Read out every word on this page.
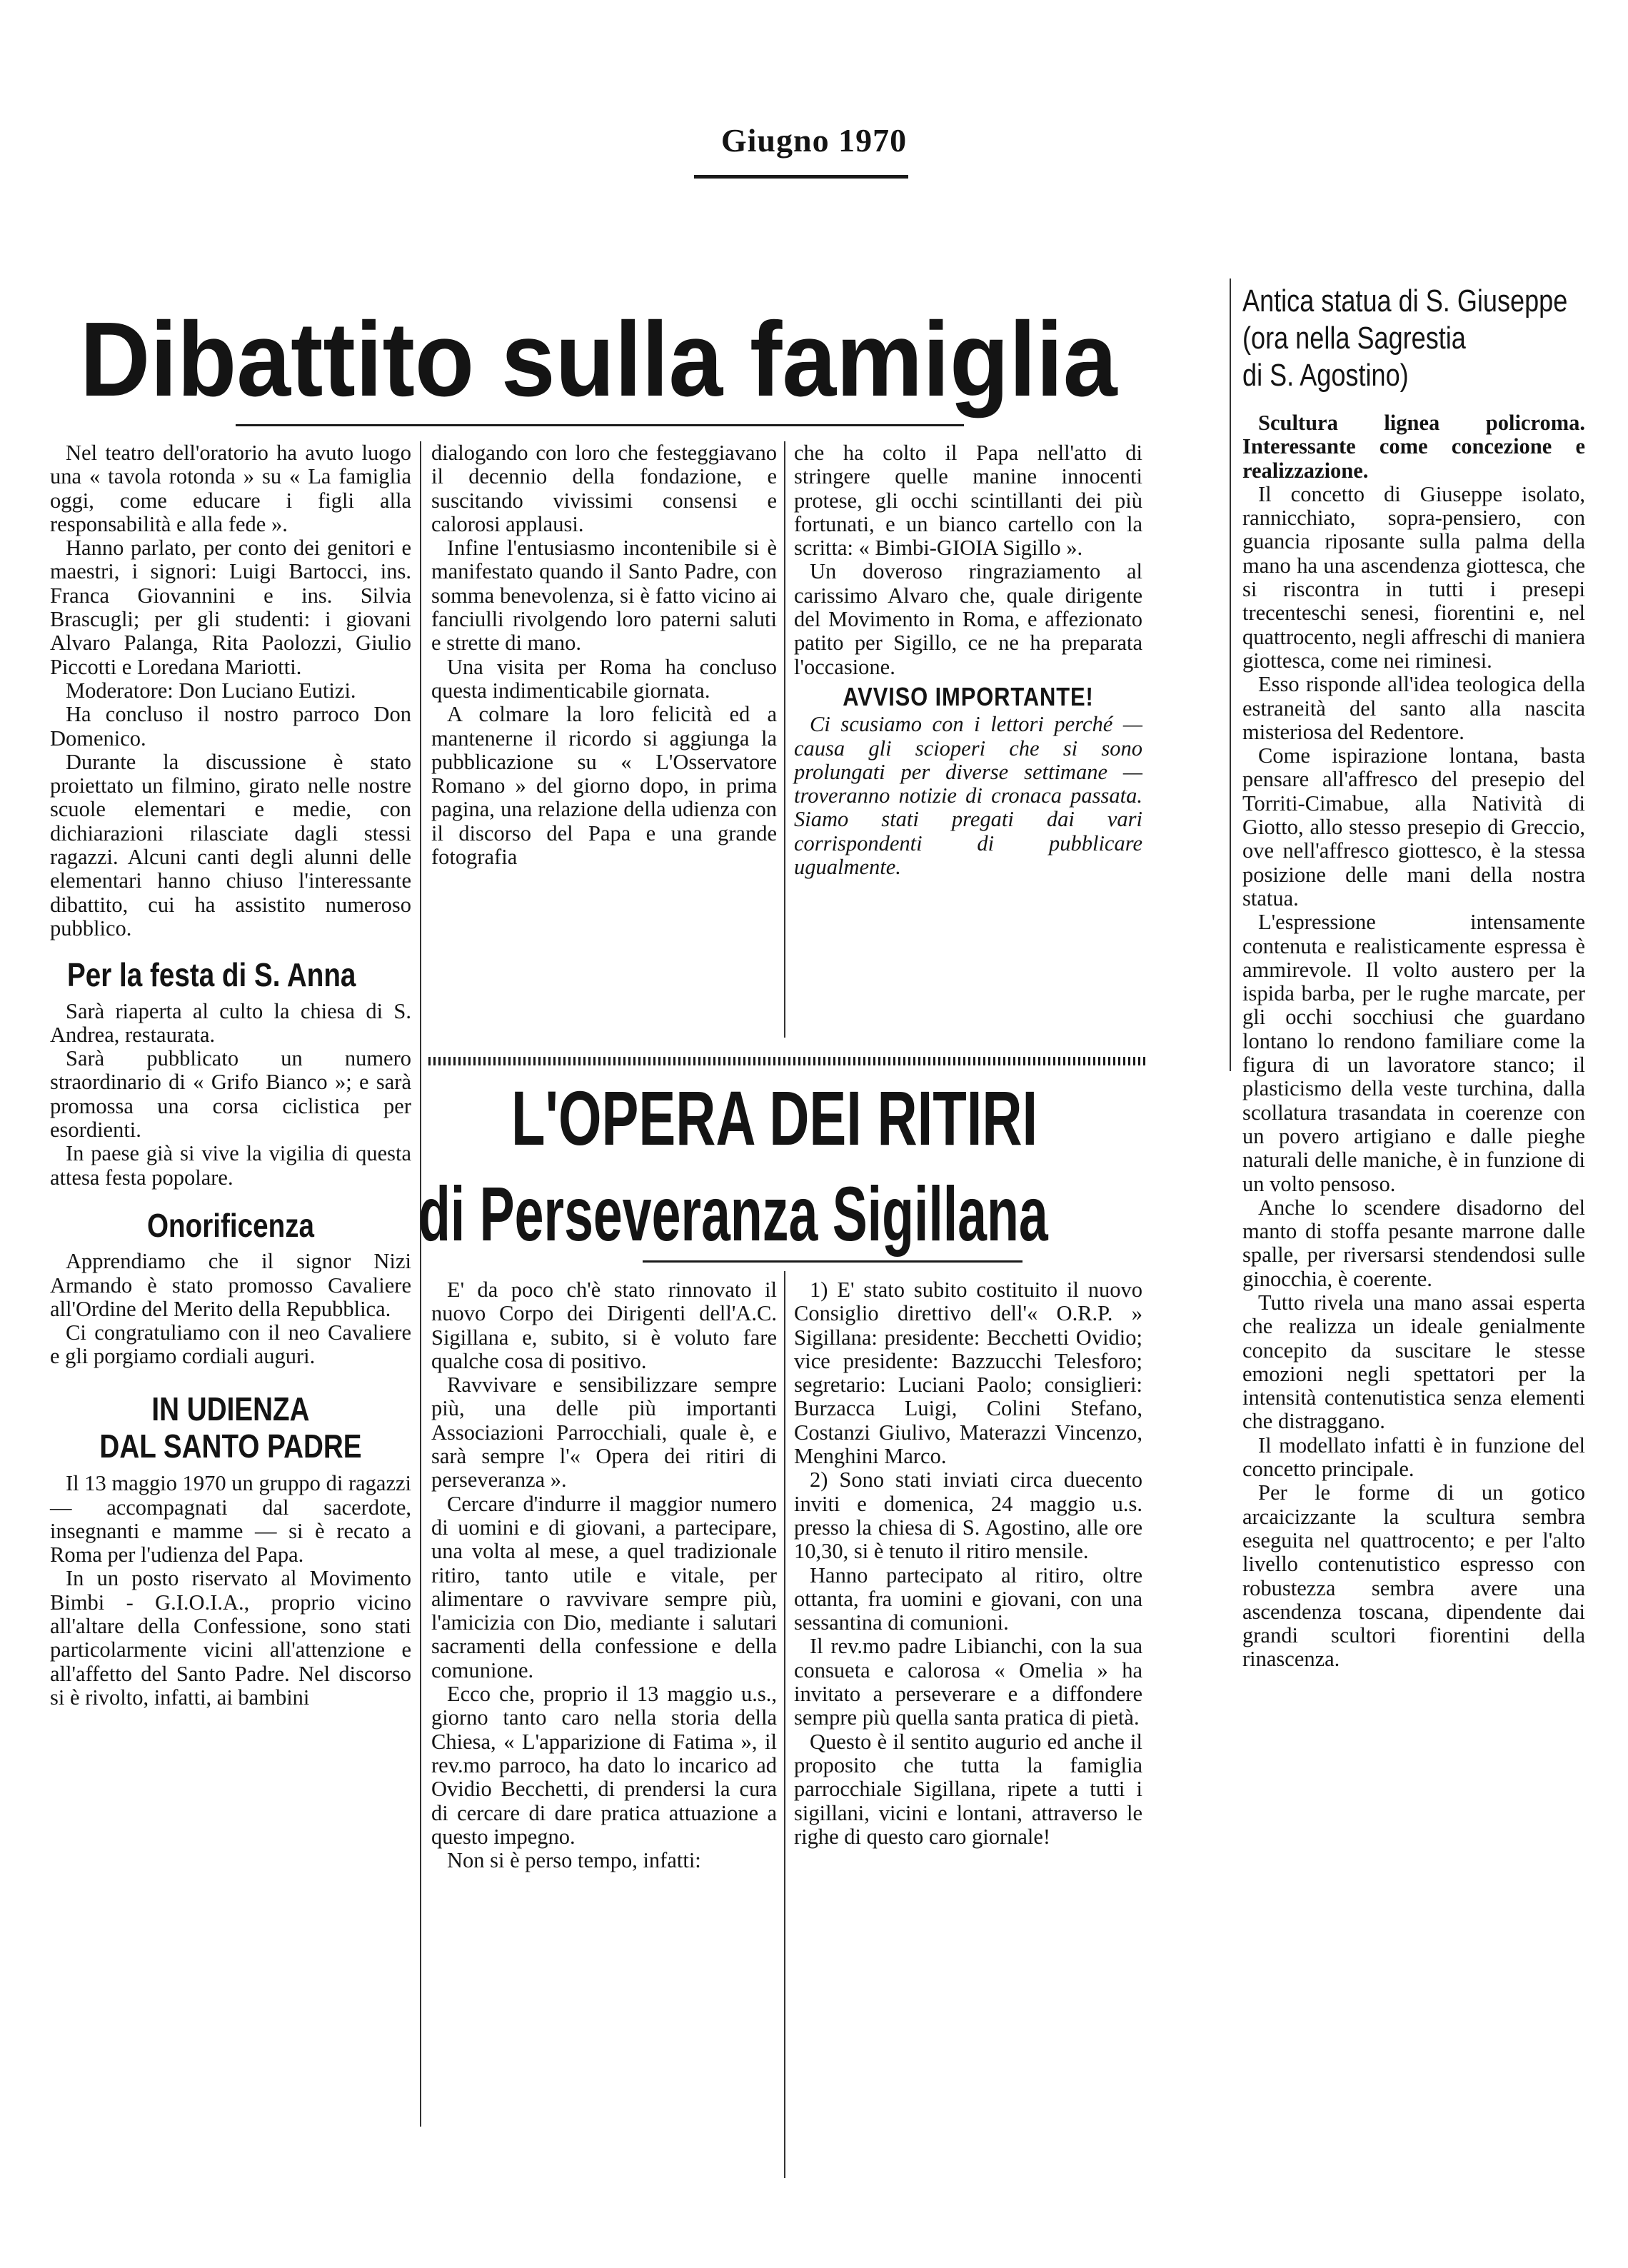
Giugno 1970
Dibattito sulla famiglia

Nel teatro dell'oratorio ha avuto luogo una « tavola rotonda » su « La famiglia oggi, come educare i figli alla responsabilità e alla fede ».

Hanno parlato, per conto dei genitori e maestri, i signori: Luigi Bartocci, ins. Franca Giovannini e ins. Silvia Brascugli; per gli studenti: i giovani Alvaro Palanga, Rita Paolozzi, Giulio Piccotti e Loredana Mariotti.

Moderatore: Don Luciano Eutizi.

Ha concluso il nostro parroco Don Domenico.

Durante la discussione è stato proiettato un filmino, girato nelle nostre scuole elementari e medie, con dichiarazioni rilasciate dagli stessi ragazzi. Alcuni canti degli alunni delle elementari hanno chiuso l'interessante dibattito, cui ha assistito numeroso pubblico.

Per la festa di S. Anna

Sarà riaperta al culto la chiesa di S. Andrea, restaurata.

Sarà pubblicato un numero straordinario di « Grifo Bianco »; e sarà promossa una corsa ciclistica per esordienti.

In paese già si vive la vigilia di questa attesa festa popolare.

Onorificenza

Apprendiamo che il signor Nizi Armando è stato promosso Cavaliere all'Ordine del Merito della Repubblica.

Ci congratuliamo con il neo Cavaliere e gli porgiamo cordiali auguri.

IN UDIENZA
DAL SANTO PADRE

Il 13 maggio 1970 un gruppo di ragazzi — accompagnati dal sacerdote, insegnanti e mamme — si è recato a Roma per l'udienza del Papa.

In un posto riservato al Movimento Bimbi - G.I.O.I.A., proprio vicino all'altare della Confessione, sono stati particolarmente vicini all'attenzione e all'affetto del Santo Padre. Nel discorso si è rivolto, infatti, ai bambini

dialogando con loro che festeggiavano il decennio della fondazione, e suscitando vivissimi consensi e calorosi applausi.

Infine l'entusiasmo incontenibile si è manifestato quando il Santo Padre, con somma benevolenza, si è fatto vicino ai fanciulli rivolgendo loro paterni saluti e strette di mano.

Una visita per Roma ha concluso questa indimenticabile giornata.

A colmare la loro felicità ed a mantenerne il ricordo si aggiunga la pubblicazione su « L'Osservatore Romano » del giorno dopo, in prima pagina, una relazione della udienza con il discorso del Papa e una grande fotografia

che ha colto il Papa nell'atto di stringere quelle manine innocenti protese, gli occhi scintillanti dei più fortunati, e un bianco cartello con la scritta: « Bimbi-GIOIA Sigillo ».

Un doveroso ringraziamento al carissimo Alvaro che, quale dirigente del Movimento in Roma, e affezionato patito per Sigillo, ce ne ha preparata l'occasione.

AVVISO IMPORTANTE!

Ci scusiamo con i lettori perché — causa gli scioperi che si sono prolungati per diverse settimane — troveranno notizie di cronaca passata. Siamo stati pregati dai vari corrispondenti di pubblicare ugualmente.

L'OPERA DEI RITIRI
di Perseveranza Sigillana

E' da poco ch'è stato rinnovato il nuovo Corpo dei Dirigenti dell'A.C. Sigillana e, subito, si è voluto fare qualche cosa di positivo.

Ravvivare e sensibilizzare sempre più, una delle più importanti Associazioni Parrocchiali, quale è, e sarà sempre l'« Opera dei ritiri di perseveranza ».

Cercare d'indurre il maggior numero di uomini e di giovani, a partecipare, una volta al mese, a quel tradizionale ritiro, tanto utile e vitale, per alimentare o ravvivare sempre più, l'amicizia con Dio, mediante i salutari sacramenti della confessione e della comunione.

Ecco che, proprio il 13 maggio u.s., giorno tanto caro nella storia della Chiesa, « L'apparizione di Fatima », il rev.mo parroco, ha dato lo incarico ad Ovidio Becchetti, di prendersi la cura di cercare di dare pratica attuazione a questo impegno.

Non si è perso tempo, infatti:

1) E' stato subito costituito il nuovo Consiglio direttivo dell'« O.R.P. » Sigillana: presidente: Becchetti Ovidio; vice presidente: Bazzucchi Telesforo; segretario: Luciani Paolo; consiglieri: Burzacca Luigi, Colini Stefano, Costanzi Giulivo, Materazzi Vincenzo, Menghini Marco.

2) Sono stati inviati circa duecento inviti e domenica, 24 maggio u.s. presso la chiesa di S. Agostino, alle ore 10,30, si è tenuto il ritiro mensile.

Hanno partecipato al ritiro, oltre ottanta, fra uomini e giovani, con una sessantina di comunioni.

Il rev.mo padre Libianchi, con la sua consueta e calorosa « Omelia » ha invitato a perseverare e a diffondere sempre più quella santa pratica di pietà.

Questo è il sentito augurio ed anche il proposito che tutta la famiglia parrocchiale Sigillana, ripete a tutti i sigillani, vicini e lontani, attraverso le righe di questo caro giornale!

Antica statua di S. Giuseppe
(ora nella Sagrestia
di S. Agostino)

Scultura lignea policroma. Interessante come concezione e realizzazione.

Il concetto di Giuseppe isolato, rannicchiato, sopra-pensiero, con guancia riposante sulla palma della mano ha una ascendenza giottesca, che si riscontra in tutti i presepi trecenteschi senesi, fiorentini e, nel quattrocento, negli affreschi di maniera giottesca, come nei riminesi.

Esso risponde all'idea teologica della estraneità del santo alla nascita misteriosa del Redentore.

Come ispirazione lontana, basta pensare all'affresco del presepio del Torriti-Cimabue, alla Natività di Giotto, allo stesso presepio di Greccio, ove nell'affresco giottesco, è la stessa posizione delle mani della nostra statua.

L'espressione intensamente contenuta e realisticamente espressa è ammirevole. Il volto austero per la ispida barba, per le rughe marcate, per gli occhi socchiusi che guardano lontano lo rendono familiare come la figura di un lavoratore stanco; il plasticismo della veste turchina, dalla scollatura trasandata in coerenze con un povero artigiano e dalle pieghe naturali delle maniche, è in funzione di un volto pensoso.

Anche lo scendere disadorno del manto di stoffa pesante marrone dalle spalle, per riversarsi stendendosi sulle ginocchia, è coerente.

Tutto rivela una mano assai esperta che realizza un ideale genialmente concepito da suscitare le stesse emozioni negli spettatori per la intensità contenutistica senza elementi che distraggano.

Il modellato infatti è in funzione del concetto principale.

Per le forme di un gotico arcaicizzante la scultura sembra eseguita nel quattrocento; e per l'alto livello contenutistico espresso con robustezza sembra avere una ascendenza toscana, dipendente dai grandi scultori fiorentini della rinascenza.
